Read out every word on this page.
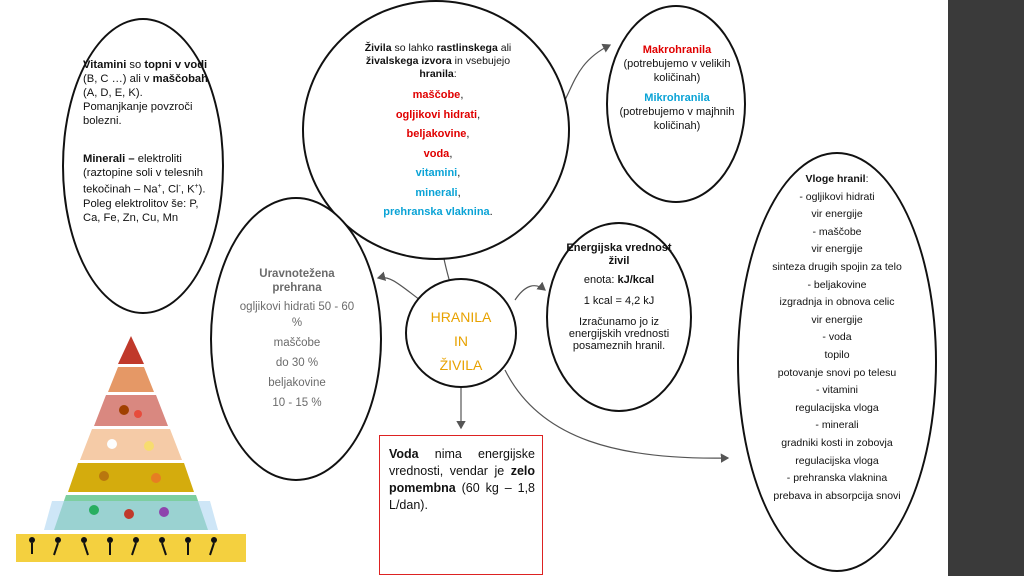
Vitamini so topni v vodi (B, C …) ali v maščobah (A, D, E, K). Pomanjkanje povzroči bolezni.
Minerali – elektroliti (raztopine soli v telesnih tekočinah – Na+, Cl-, K+). Poleg elektrolitov še: P, Ca, Fe, Zn, Cu, Mn
Živila so lahko rastlinskega ali živalskega izvora in vsebujejo hranila:
maščobe,
ogljikovi hidrati,
beljakovine,
voda,
vitamini,
minerali,
prehranska vlaknina.
Makrohranila
(potrebujemo v velikih količinah)
Mikrohranila
(potrebujemo v majhnih količinah)
Uravnotežena prehrana
ogljikovi hidrati 50 - 60 %
maščobe
do 30 %
beljakovine
10 - 15 %
HRANILA
IN
ŽIVILA
Energijska vrednost živil
enota: kJ/kcal
1 kcal = 4,2 kJ
Izračunamo jo iz energijskih vrednosti posameznih hranil.
Vloge hranil:
- ogljikovi hidrati
vir energije
- maščobe
vir energije
sinteza drugih spojin za telo
- beljakovine
izgradnja in obnova celic
vir energije
- voda
topilo
potovanje snovi po telesu
- vitamini
regulacijska vloga
- minerali
gradniki kosti in zobovja
regulacijska vloga
- prehranska vlaknina
prebava in absorpcija snovi
Voda nima energijske vrednosti, vendar je zelo pomembna (60 kg – 1,8 L/dan).
